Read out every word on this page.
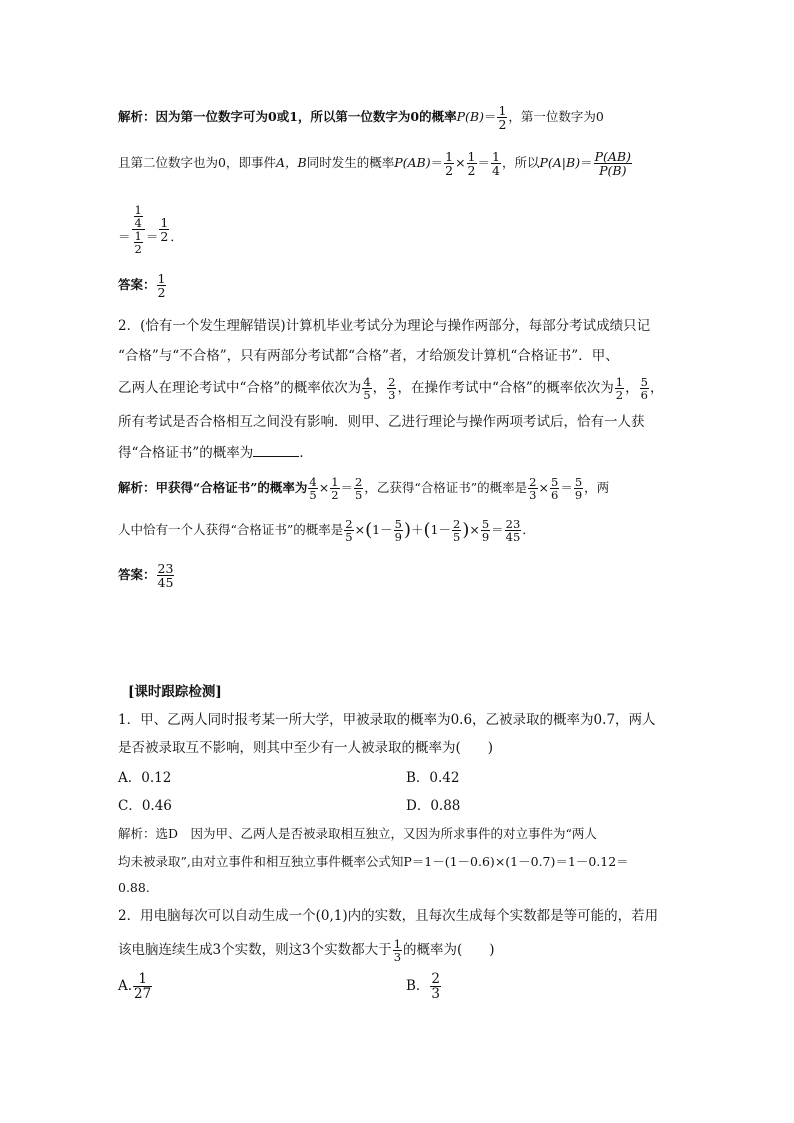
解析：因为第一位数字可为0或1，所以第一位数字为0的概率$P(B)= \frac{1}{2}$ ，第一位数字为0
且第二位数字也为0，即事件A，B同时发生的概率$P(AB)= \frac{1}{2} \times \frac{1}{2} = \frac{1}{4}$ ，所以$P(A|B)= \frac{P(AB)}{P(B)}$
＝ $\frac{\frac{1}{4}}{\frac{1}{2}} = \frac{1}{2}$ ．
答案： $\frac{1}{2}$
2．(恰有一个发生理解错误)计算机毕业考试分为理论与操作两部分，每部分考试成绩只记
“合格”与“不合格”，只有两部分考试都“合格”者，才给颁发计算机“合格证书”．甲、
乙两人在理论考试中“合格”的概率依次为 $\frac{4}{5}$ ， $\frac{2}{3}$ ，在操作考试中“合格”的概率依次为 $\frac{1}{2}$ ， $\frac{5}{6}$ ，
所有考试是否合格相互之间没有影响．则甲、乙进行理论与操作两项考试后，恰有一人获
得“合格证书”的概率为	．
解析：甲获得“合格证书”的概率为 $\frac{4}{5} \times \frac{1}{2} = \frac{2}{5}$ ，乙获得“合格证书”的概率是 $\frac{2}{3} \times \frac{5}{6} = \frac{5}{9}$ ，两
人中恰有一个人获得“合格证书”的概率是 $\frac{2}{5} \times(1- \frac{5}{9} )+(1- \frac{2}{5}$ )× $\frac{5}{9} = \frac{23}{45}$ ．
答案： $\frac{23}{45}$
[课时跟踪检测]
1．甲、乙两人同时报考某一所大学，甲被录取的概率为0.6，乙被录取的概率为0.7，两人
是否被录取互不影响，则其中至少有一人被录取的概率为(　　)
A．0.12	B．0.42
C．0.46	D．0.88
解析：选D　因为甲、乙两人是否被录取相互独立，又因为所求事件的对立事件为“两人
均未被录取”,由对立事件和相互独立事件概率公式知P＝1－(1－0.6)×(1－0.7)＝1－0.12＝
0.88.
2．用电脑每次可以自动生成一个(0,1)内的实数，且每次生成每个实数都是等可能的，若用
该电脑连续生成3个实数，则这3个实数都大于 $\frac{1}{3}$ 的概率为(　　)
A. $\frac{1}{27}$	B． $\frac{2}{3}$
